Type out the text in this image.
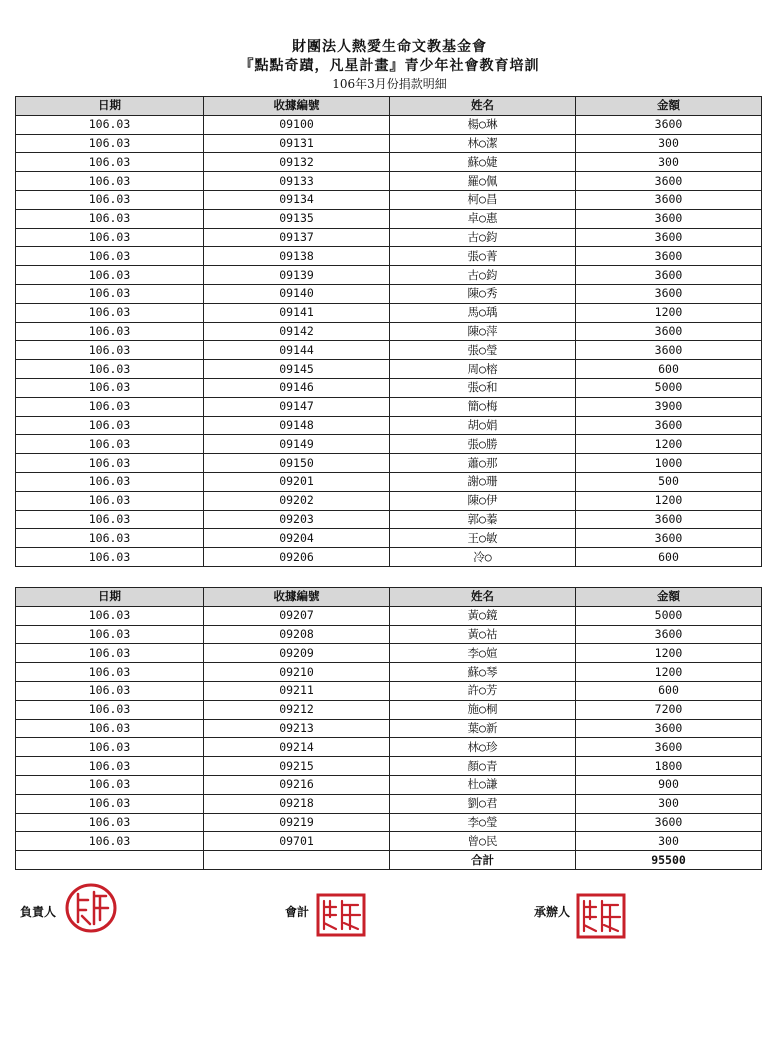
財團法人熱愛生命文教基金會
『點點奇蹟，凡星計畫』青少年社會教育培訓
106年3月份捐款明細
日期	收據編號	姓名	金額
106.03	09100	楊○琳	3600
106.03	09131	林○潔	300
106.03	09132	蘇○婕	300
106.03	09133	羅○佩	3600
106.03	09134	柯○昌	3600
106.03	09135	卓○惠	3600
106.03	09137	古○鈞	3600
106.03	09138	張○菁	3600
106.03	09139	古○鈞	3600
106.03	09140	陳○秀	3600
106.03	09141	馬○瑀	1200
106.03	09142	陳○萍	3600
106.03	09144	張○瑩	3600
106.03	09145	周○榕	600
106.03	09146	張○和	5000
106.03	09147	簡○梅	3900
106.03	09148	胡○娟	3600
106.03	09149	張○勝	1200
106.03	09150	蕭○那	1000
106.03	09201	謝○珊	500
106.03	09202	陳○伊	1200
106.03	09203	郭○蓁	3600
106.03	09204	王○敏	3600
106.03	09206	冷○	600
日期	收據編號	姓名	金額
106.03	09207	黃○鏡	5000
106.03	09208	黃○祜	3600
106.03	09209	李○媗	1200
106.03	09210	蘇○琴	1200
106.03	09211	許○芳	600
106.03	09212	施○桐	7200
106.03	09213	葉○新	3600
106.03	09214	林○珍	3600
106.03	09215	顏○青	1800
106.03	09216	杜○謙	900
106.03	09218	劉○君	300
106.03	09219	李○瑩	3600
106.03	09701	曾○民	300
		合計	95500
負責人	會計	承辦人
